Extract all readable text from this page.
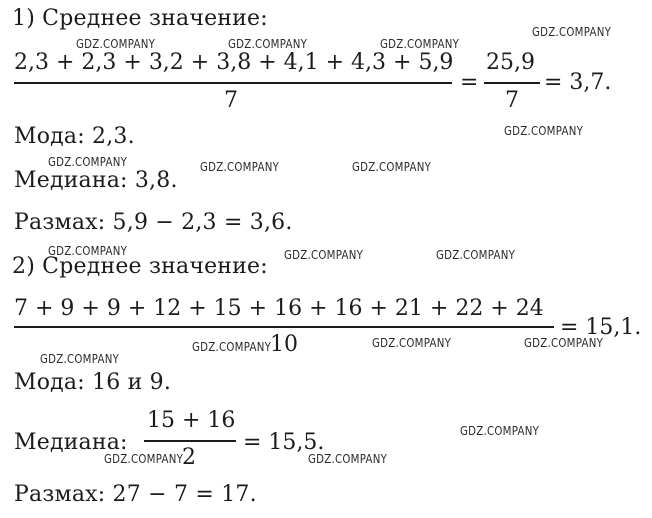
1) Среднее значение:
2,3 + 2,3 + 3,2 + 3,8 + 4,1 + 4,3 + 5,9
7
=
25,9
7
= 3,7.
Мода: 2,3.
Медиана: 3,8.
Размах: 5,9 − 2,3 = 3,6.
2) Среднее значение:
7 + 9 + 9 + 12 + 15 + 16 + 16 + 21 + 22 + 24
10
= 15,1.
Мода: 16 и 9.
Медиана:
15 + 16
2
= 15,5.
Размах: 27 − 7 = 17.
GDZ.COMPANY	GDZ.COMPANY	GDZ.COMPANY
GDZ.COMPANY
GDZ.COMPANY
GDZ.COMPANY	GDZ.COMPANY	GDZ.COMPANY
GDZ.COMPANY	GDZ.COMPANY	GDZ.COMPANY
GDZ.COMPANY	GDZ.COMPANY	GDZ.COMPANY
GDZ.COMPANY
GDZ.COMPANY
GDZ.COMPANY	GDZ.COMPANY
